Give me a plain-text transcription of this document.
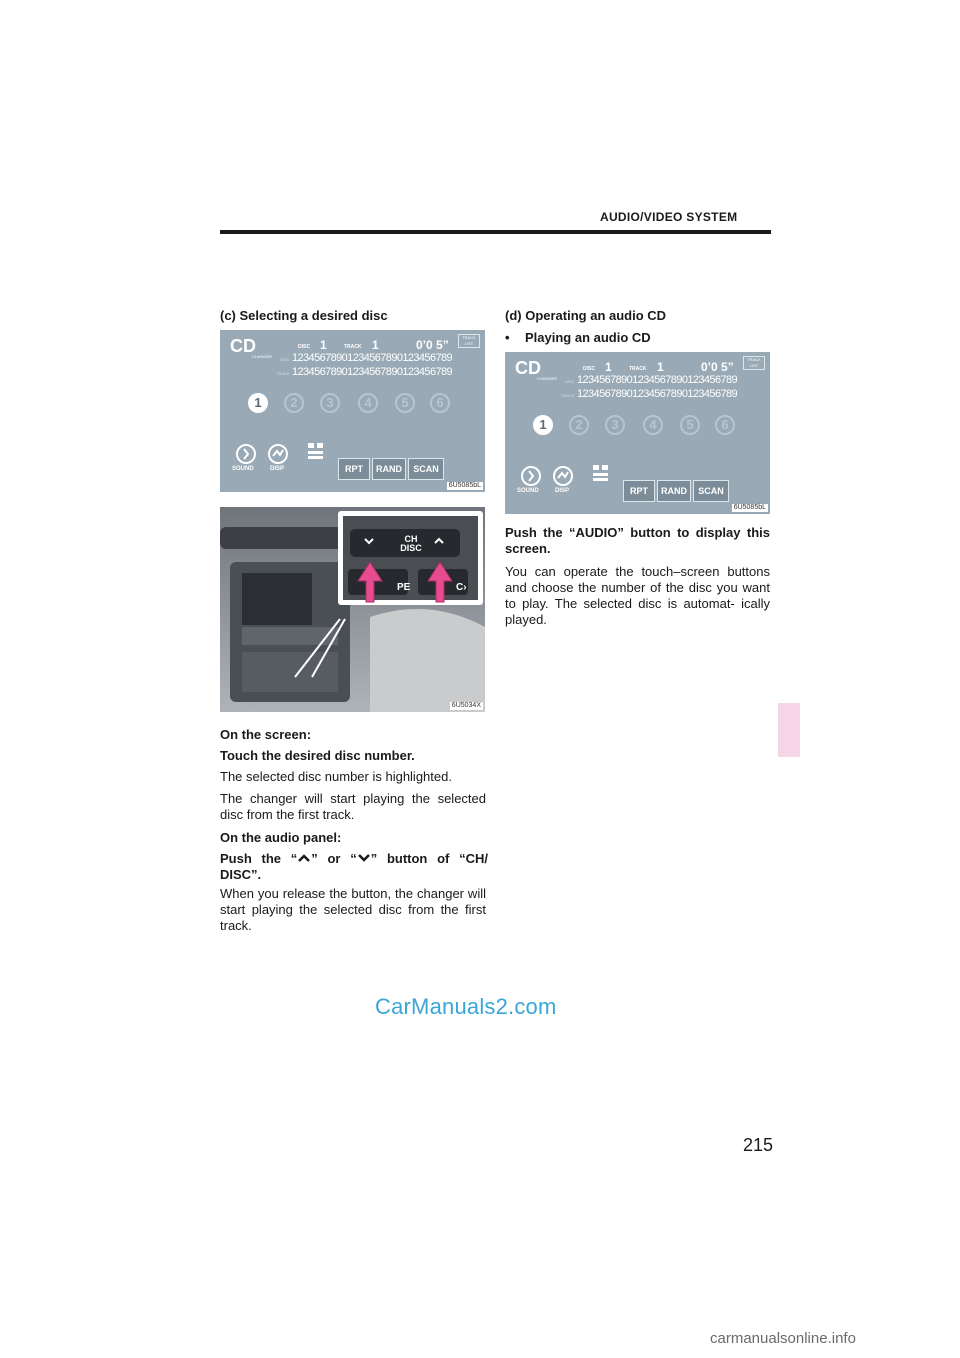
AUDIO/VIDEO SYSTEM
(c) Selecting a desired disc
CD
CHANGER
DISC 1	TRACK 1	0’0 5”
TRACK LIST
DISC 12345678901234567890123456789
TRACK 12345678901234567890123456789
1	2	3	4	5	6
SOUND	DISP	RPT	RAND	SCAN
6U5085bL
CH
DISC
PE	C›
6U5034X
On the screen:
Touch the desired disc number.
The selected disc number is highlighted.
The changer will start playing the selected disc from the first track.
On the audio panel:
Push the “ ” or “ ” button of “CH/ DISC”.
When you release the button, the changer will start playing the selected disc from the first track.
(d) Operating an audio CD
• Playing an audio CD
CD
CHANGER
DISC 1	TRACK 1	0’0 5”
TRACK LIST
DISC 12345678901234567890123456789
TRACK 12345678901234567890123456789
1	2	3	4	5	6
SOUND	DISP	RPT	RAND	SCAN
6U5085bL
Push the “AUDIO” button to display this screen.
You can operate the touch–screen buttons and choose the number of the disc you want to play. The selected disc is automat- ically played.
CarManuals2.com
215
carmanualsonline.info
